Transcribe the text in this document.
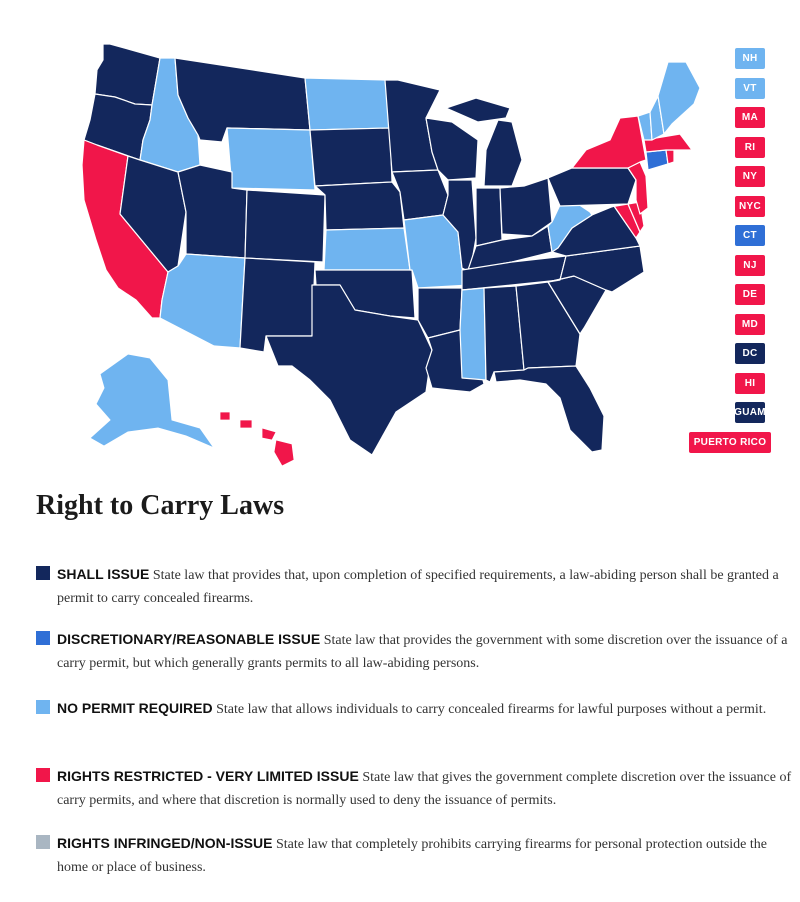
NH
VT
MA
RI
NY
NYC
CT
NJ
DE
MD
DC
HI
GUAM
PUERTO RICO
Right to Carry Laws

SHALL ISSUE State law that provides that, upon completion of specified requirements, a law-abiding person shall be granted a permit to carry concealed firearms.

DISCRETIONARY/REASONABLE ISSUE State law that provides the government with some discretion over the issuance of a carry permit, but which generally grants permits to all law-abiding persons.

NO PERMIT REQUIRED State law that allows individuals to carry concealed firearms for lawful purposes without a permit.

RIGHTS RESTRICTED - VERY LIMITED ISSUE State law that gives the government complete discretion over the issuance of carry permits, and where that discretion is normally used to deny the issuance of permits.

RIGHTS INFRINGED/NON-ISSUE State law that completely prohibits carrying firearms for personal protection outside the home or place of business.
